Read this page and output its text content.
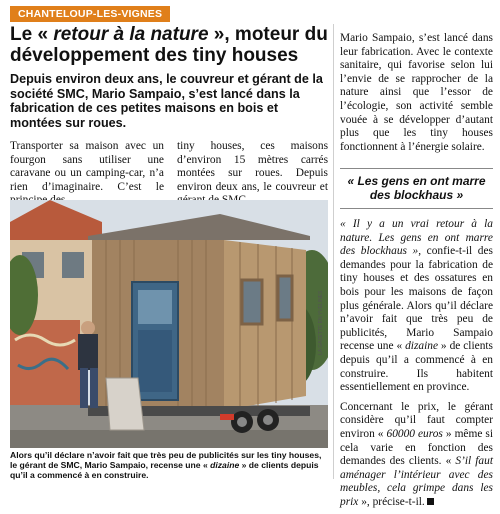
CHANTELOUP-LES-VIGNES
Le « retour à la nature », moteur du développement des tiny houses

Depuis environ deux ans, le couvreur et gérant de la société SMC, Mario Sampaio, s’est lancé dans la fabrication de ces petites maisons en bois et montées sur roues.

Transporter sa maison avec un fourgon sans utiliser une caravane ou un camping-car, n’a rien d’imaginaire. C’est le

tiny houses, ces maisons d’environ 15 mètres carrés montées sur roues. Depuis environ deux ans, le couvreur et

Mario Sampaio, s’est lancé dans leur fabrication. Avec le contexte sanitaire, qui favorise selon lui l’envie de se rapprocher de la nature ainsi que l’essor de l’écologie, son activité semble vouée à se développer d’autant plus que les tiny houses fonctionnent à l’énergie solaire.

« Les gens en ont marre des blockhaus »

« Il y a un vrai retour à la nature. Les gens en ont marre des blockhaus », confie-t-il des demandes pour la fabrication de tiny houses et des ossatures en bois pour les maisons de façon plus générale. Alors qu’il déclare n’avoir fait que très peu de publicités, Mario Sampaio recense une « dizaine » de clients depuis qu’il a commencé à en construire. Ils habitent essentiellement en province.

Concernant le prix, le gérant considère qu’il faut compter environ « 60000 euros » même si cela varie en fonction des demandes des clients. « S’il faut aménager l’intérieur avec des meubles, cela grimpe dans les prix », précise-t-il.

LA GAZETTE EN YVELINES

Alors qu’il déclare n’avoir fait que très peu de publicités sur les tiny houses, le gérant de SMC, Mario Sampaio, recense une « dizaine » de clients depuis qu’il a commencé à en construire.
